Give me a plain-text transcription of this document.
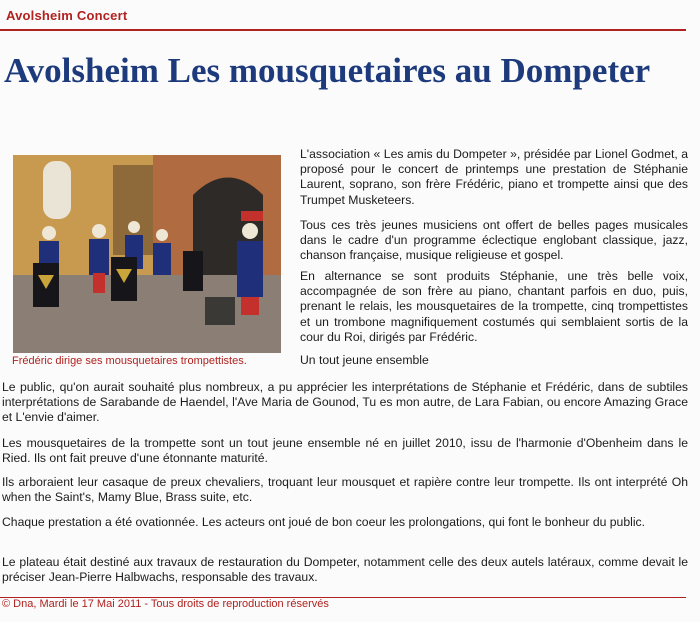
Avolsheim Concert
Avolsheim Les mousquetaires au Dompeter
Frédéric dirige ses mousquetaires trompettistes.

L'association « Les amis du Dompeter », présidée par Lionel Godmet, a proposé pour le concert de printemps une prestation de Stéphanie Laurent, soprano, son frère Frédéric, piano et trompette ainsi que des Trumpet Musketeers.

Tous ces très jeunes musiciens ont offert de belles pages musicales dans le cadre d'un programme éclectique englobant classique, jazz, chanson française, musique religieuse et gospel.

En alternance se sont produits Stéphanie, une très belle voix, accompagnée de son frère au piano, chantant parfois en duo, puis, prenant le relais, les mousquetaires de la trompette, cinq trompettistes et un trombone magnifiquement costumés qui semblaient sortis de la cour du Roi, dirigés par Frédéric.

Un tout jeune ensemble

Le public, qu'on aurait souhaité plus nombreux, a pu apprécier les interprétations de Stéphanie et Frédéric, dans de subtiles interprétations de Sarabande de Haendel, l'Ave Maria de Gounod, Tu es mon autre, de Lara Fabian, ou encore Amazing Grace et L'envie d'aimer.

Les mousquetaires de la trompette sont un tout jeune ensemble né en juillet 2010, issu de l'harmonie d'Obenheim dans le Ried. Ils ont fait preuve d'une étonnante maturité.

Ils arboraient leur casaque de preux chevaliers, troquant leur mousquet et rapière contre leur trompette. Ils ont interprété Oh when the Saint's, Mamy Blue, Brass suite, etc.

Chaque prestation a été ovationnée. Les acteurs ont joué de bon coeur les prolongations, qui font le bonheur du public.

Le plateau était destiné aux travaux de restauration du Dompeter, notamment celle des deux autels latéraux, comme devait le préciser Jean-Pierre Halbwachs, responsable des travaux.

© Dna, Mardi le 17 Mai 2011 - Tous droits de reproduction réservés
